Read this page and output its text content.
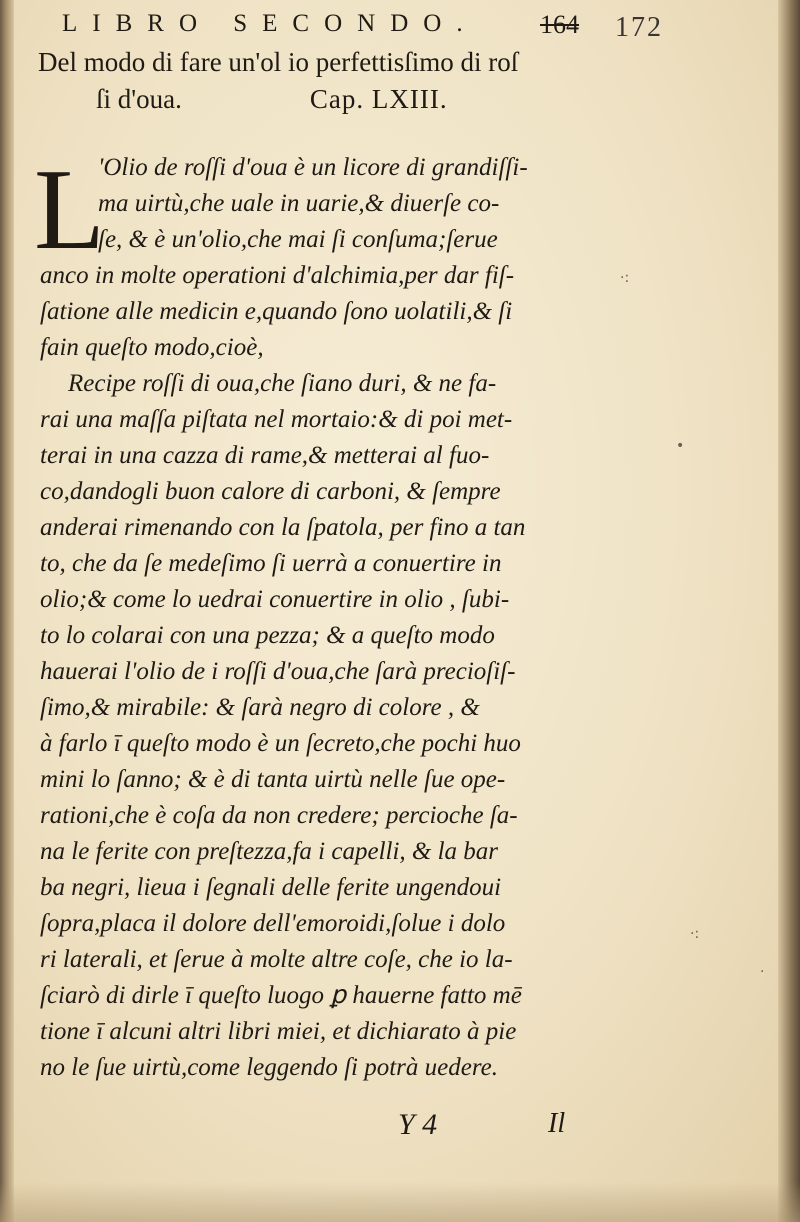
LIBRO SECONDO.	164 172
Del modo di fare un'ol io perfettisſimo di roſ
ſi d'oua.	Cap. LXIII.
L
'Olio de roſſi d'oua è un licore di grandiſſi-
ma uirtù,che uale in uarie,& diuerſe co-
ſe, & è un'olio,che mai ſi conſuma;ſerue
anco in molte operationi d'alchimia,per dar fiſ-
ſatione alle medicin e,quando ſono uolatili,& ſi
fain queſto modo,cioè,
Recipe roſſi di oua,che ſiano duri, & ne fa-
rai una maſſa piſtata nel mortaio:& di poi met-
terai in una cazza di rame,& metterai al fuo-
co,dandogli buon calore di carboni, & ſempre
anderai rimenando con la ſpatola, per fino a tan
to, che da ſe medeſimo ſi uerrà a conuertire in
olio;& come lo uedrai conuertire in olio , ſubi-
to lo colarai con una pezza; & a queſto modo
hauerai l'olio de i roſſi d'oua,che ſarà precioſiſ-
ſimo,& mirabile: & ſarà negro di colore , &
à farlo ī queſto modo è un ſecreto,che pochi huo
mini lo ſanno; & è di tanta uirtù nelle ſue ope-
rationi,che è coſa da non credere; percioche ſa-
na le ferite con preſtezza,fa i capelli, & la bar
ba negri, lieua i ſegnali delle ferite ungendoui
ſopra,placa il dolore dell'emoroidi,ſolue i dolo
ri laterali, et ſerue à molte altre coſe, che io la-
ſciarò di dirle ī queſto luogo ꝑ hauerne fatto mē
tione ī alcuni altri libri miei, et dichiarato à pie
no le ſue uirtù,come leggendo ſi potrà uedere.
Y 4	Il
·:
•
·:
·
